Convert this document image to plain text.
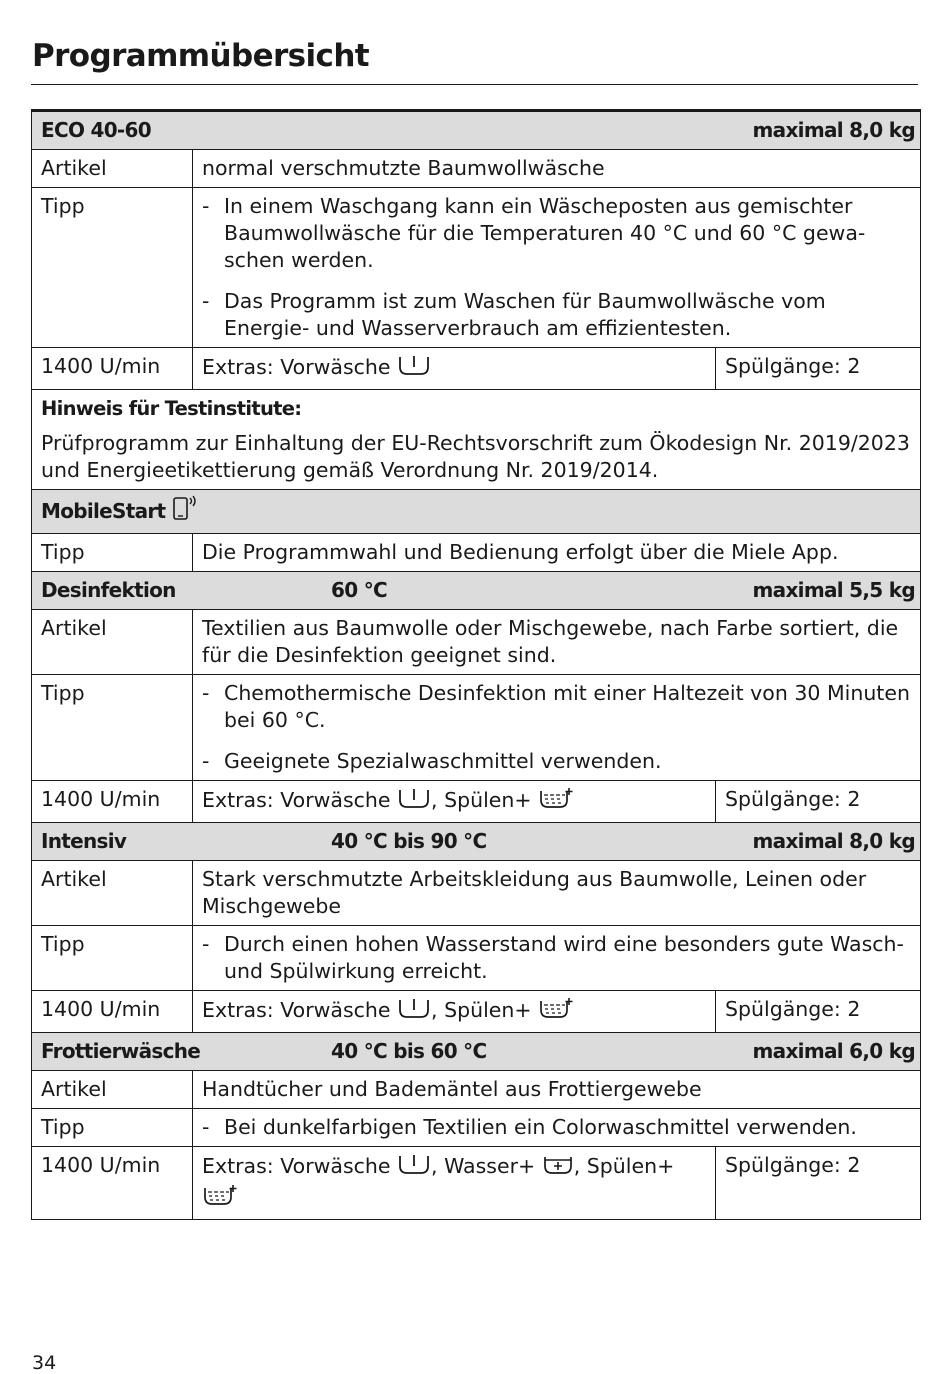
Programmübersicht
ECO 40-60 maximal 8,0 kg		

Artikel	normal verschmutzte Baumwollwäsche	
Tipp	- In einem Waschgang kann ein Wäscheposten aus gemischter Baumwollwäsche für die Temperaturen 40 °C und 60 °C gewaschen werden.
- Das Programm ist zum Waschen für Baumwollwäsche vom Energie- und Wasserverbrauch am effizientesten.

1400 U/min	Extras: Vorwäsche	Spülgänge: 2

Hinweis für Testinstitute:
Prüfprogramm zur Einhaltung der EU-Rechtsvorschrift zum Ökodesign Nr. 2019/2023 und Energieetikettierung gemäß Verordnung Nr. 2019/2014.		
MobileStart		
Tipp	Die Programmwahl und Bedienung erfolgt über die Miele App.	

Desinfektion 60 °C maximal 5,5 kg		

Artikel	Textilien aus Baumwolle oder Mischgewebe, nach Farbe sortiert, die für die Desinfektion geeignet sind.	
Tipp	- Chemothermische Desinfektion mit einer Haltezeit von 30 Minuten bei 60 °C.
- Geeignete Spezialwaschmittel verwenden.

1400 U/min	Extras: Vorwäsche , Spülen+	Spülgänge: 2

Intensiv 40 °C bis 90 °C maximal 8,0 kg		

Artikel	Stark verschmutzte Arbeitskleidung aus Baumwolle, Leinen oder Mischgewebe	
Tipp	- Durch einen hohen Wasserstand wird eine besonders gute Wasch- und Spülwirkung erreicht.

1400 U/min	Extras: Vorwäsche , Spülen+	Spülgänge: 2

Frottierwäsche 40 °C bis 60 °C maximal 6,0 kg		

Artikel	Handtücher und Bademäntel aus Frottiergewebe	
Tipp	- Bei dunkelfarbigen Textilien ein Colorwaschmittel verwenden.

1400 U/min	Extras: Vorwäsche , Wasser+ , Spülen+	Spülgänge: 2
34
